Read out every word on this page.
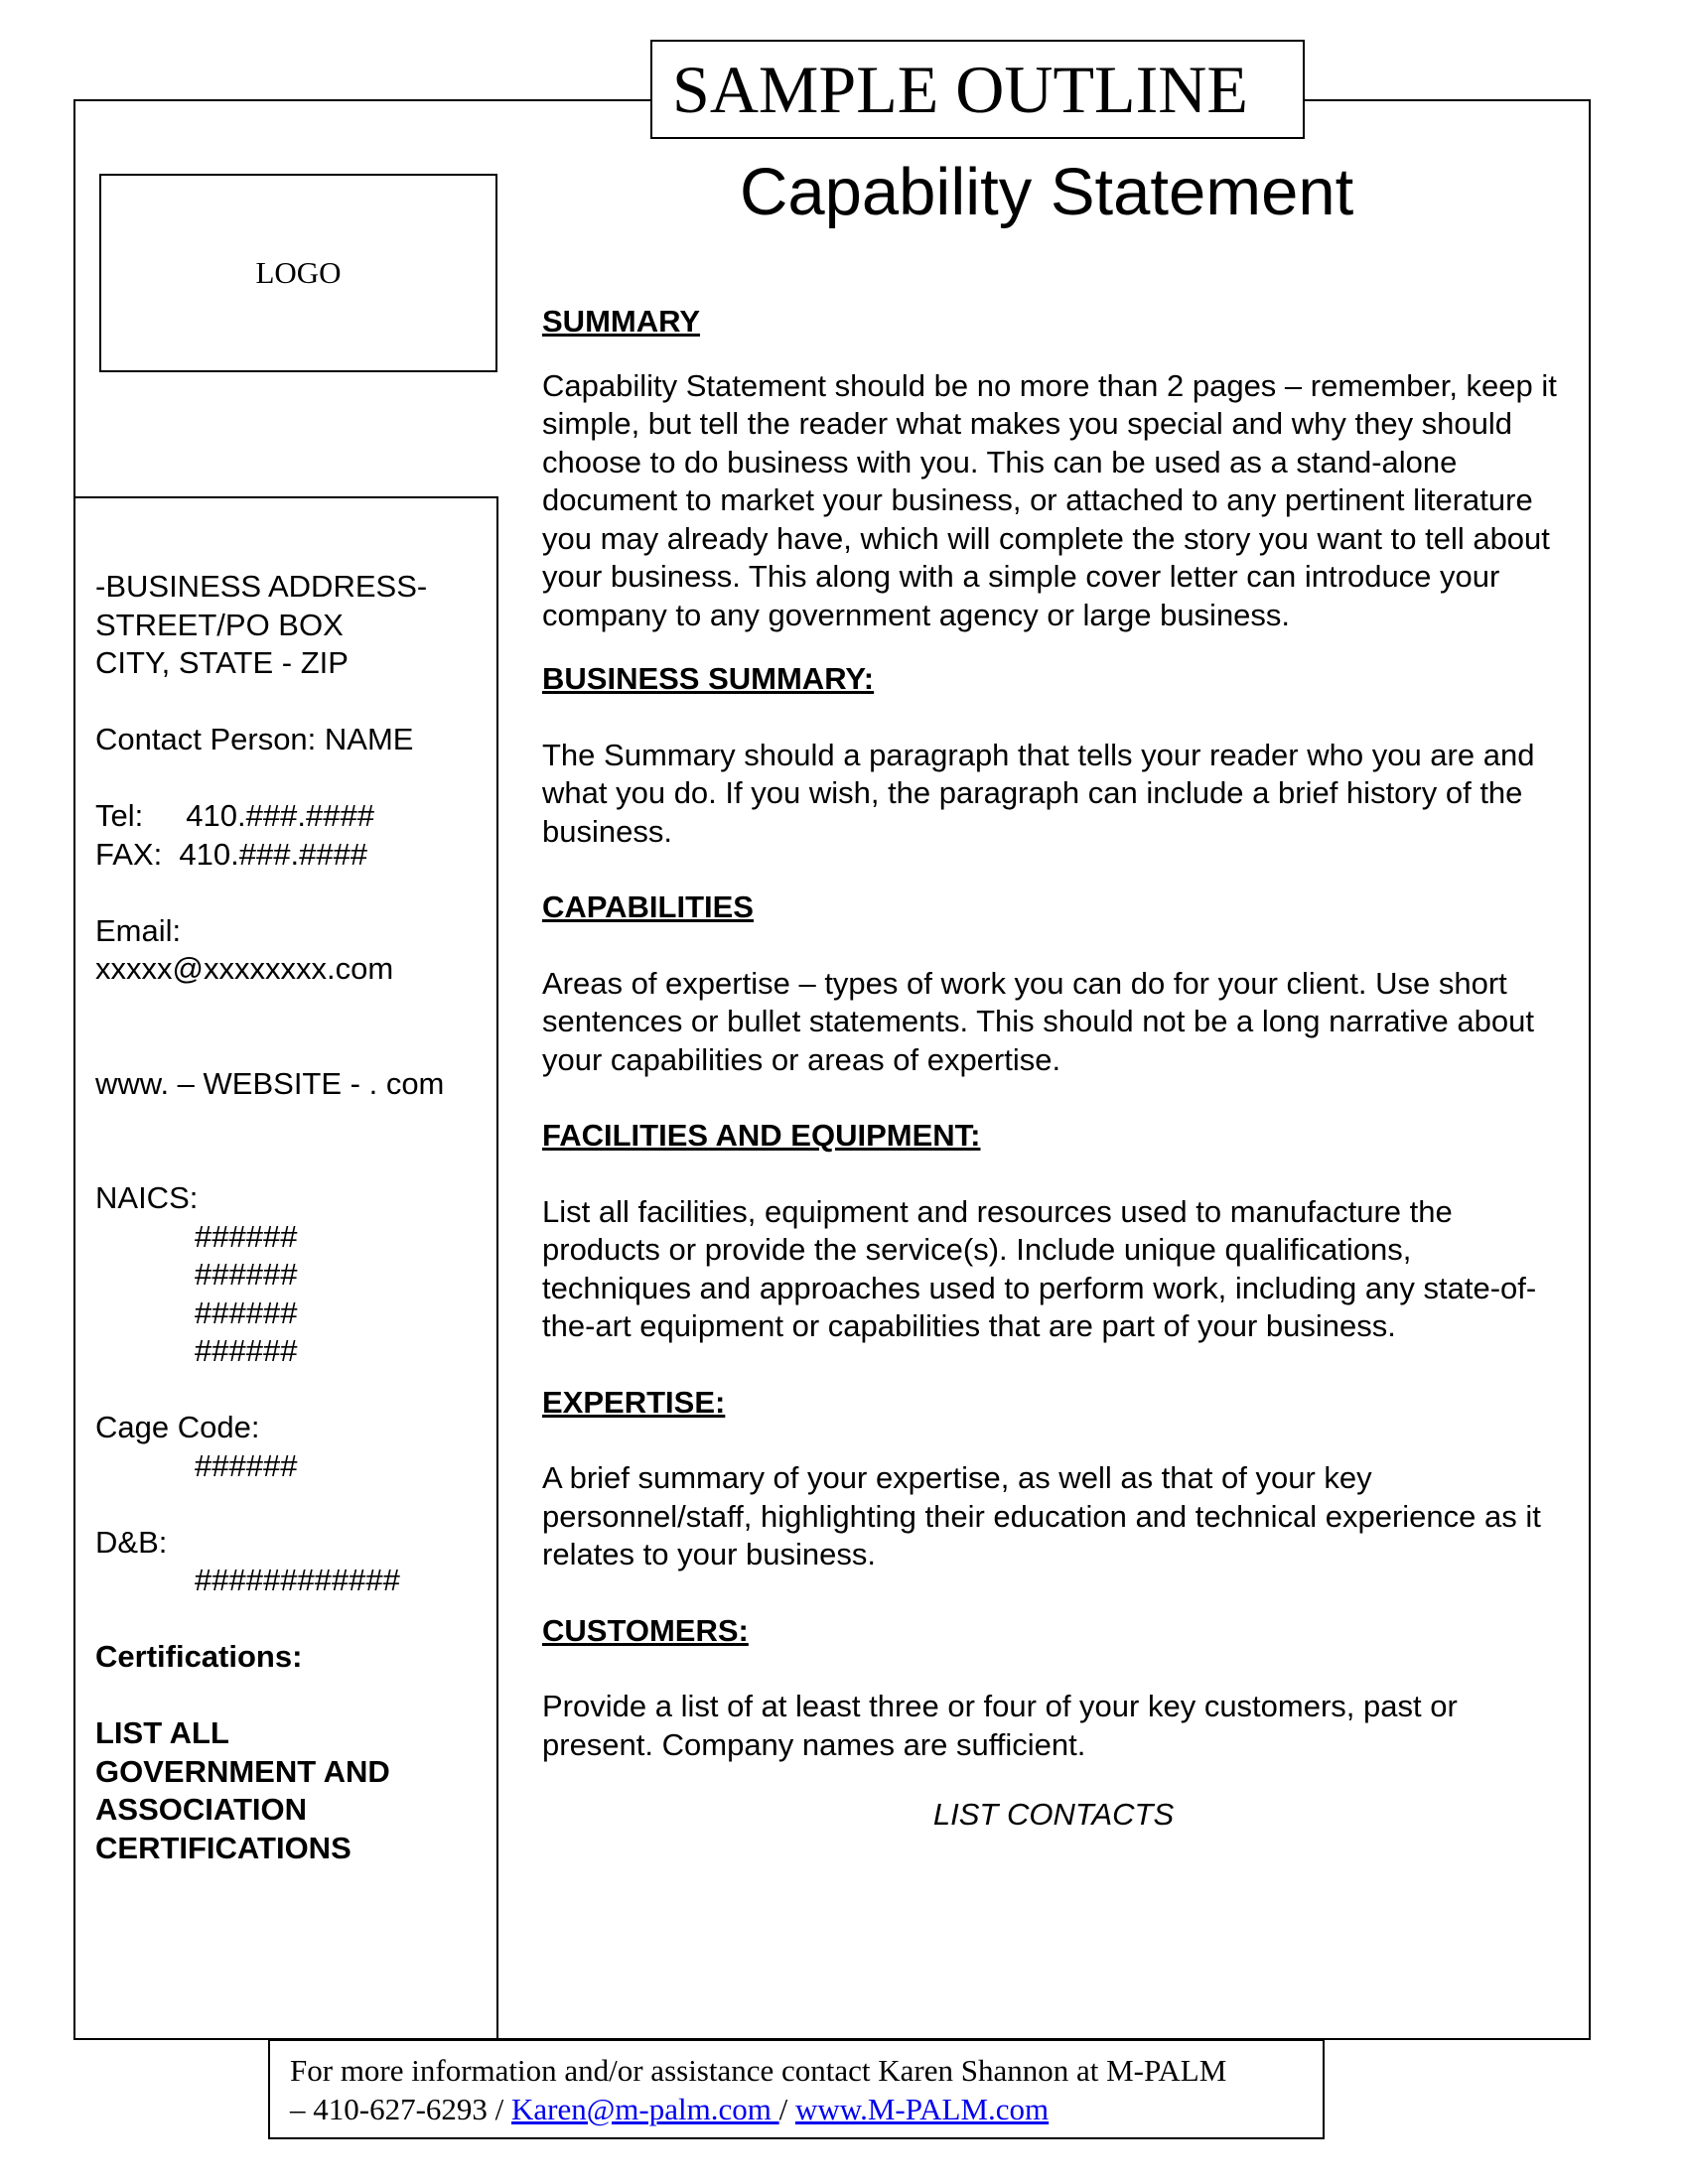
SAMPLE OUTLINE
Capability Statement
LOGO
-BUSINESS ADDRESS-
STREET/PO BOX
CITY, STATE - ZIP
Contact Person: NAME
Tel:     410.###.####
FAX:  410.###.####
Email:
xxxxx@xxxxxxxx.com
www. – WEBSITE - . com
NAICS:
######
######
######
######
Cage Code:
######
D&B:
############
Certifications:
LIST ALL
GOVERNMENT AND
ASSOCIATION
CERTIFICATIONS
SUMMARY

Capability Statement should be no more than 2 pages – remember, keep it simple, but tell the reader what makes you special and why they should choose to do business with you. This can be used as a stand-alone document to market your business, or attached to any pertinent literature you may already have, which will complete the story you want to tell about your business. This along with a simple cover letter can introduce your company to any government agency or large business.

BUSINESS SUMMARY:

The Summary should a paragraph that tells your reader who you are and what you do. If you wish, the paragraph can include a brief history of the business.

CAPABILITIES

Areas of expertise – types of work you can do for your client. Use short sentences or bullet statements. This should not be a long narrative about your capabilities or areas of expertise.

FACILITIES AND EQUIPMENT:

List all facilities, equipment and resources used to manufacture the products or provide the service(s). Include unique qualifications, techniques and approaches used to perform work, including any state-of-the-art equipment or capabilities that are part of your business.

EXPERTISE:

A brief summary of your expertise, as well as that of your key personnel/staff, highlighting their education and technical experience as it relates to your business.

CUSTOMERS:

Provide a list of at least three or four of your key customers, past or present. Company names are sufficient.

LIST CONTACTS
For more information and/or assistance contact Karen Shannon at M-PALM
– 410-627-6293 / Karen@m-palm.com / www.M-PALM.com
